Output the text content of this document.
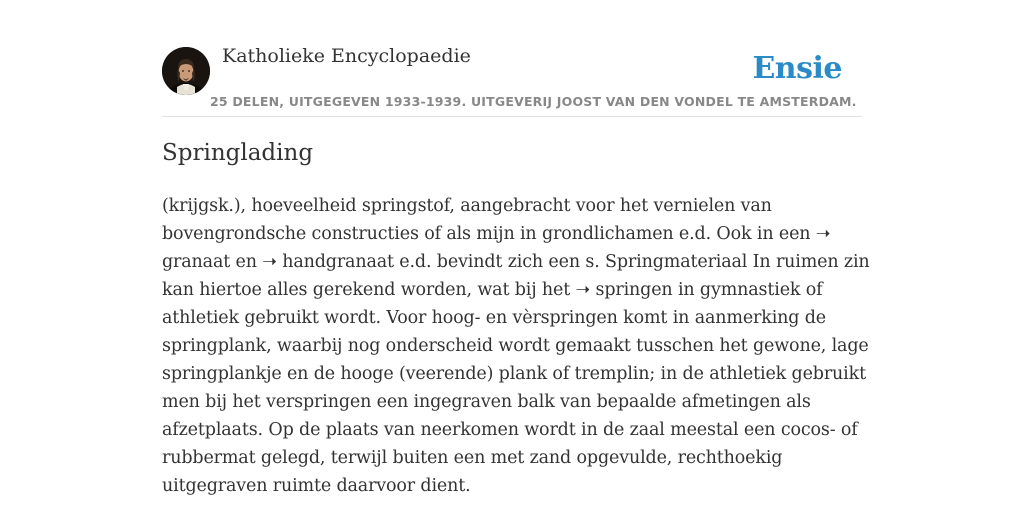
Katholieke Encyclopaedie	Ensie
25 DELEN, UITGEGEVEN 1933-1939. UITGEVERIJ JOOST VAN DEN VONDEL TE AMSTERDAM.
Springlading
(krijgsk.), hoeveelheid springstof, aangebracht voor het vernielen van
bovengrondsche constructies of als mijn in grondlichamen e.d. Ook in een ➝
granaat en ➝ handgranaat e.d. bevindt zich een s. Springmateriaal In ruimen zin
kan hiertoe alles gerekend worden, wat bij het ➝ springen in gymnastiek of
athletiek gebruikt wordt. Voor hoog- en vèrspringen komt in aanmerking de
springplank, waarbij nog onderscheid wordt gemaakt tusschen het gewone, lage
springplankje en de hooge (veerende) plank of tremplin; in de athletiek gebruikt
men bij het verspringen een ingegraven balk van bepaalde afmetingen als
afzetplaats. Op de plaats van neerkomen wordt in de zaal meestal een cocos- of
rubbermat gelegd, terwijl buiten een met zand opgevulde, rechthoekig
uitgegraven ruimte daarvoor dient.
